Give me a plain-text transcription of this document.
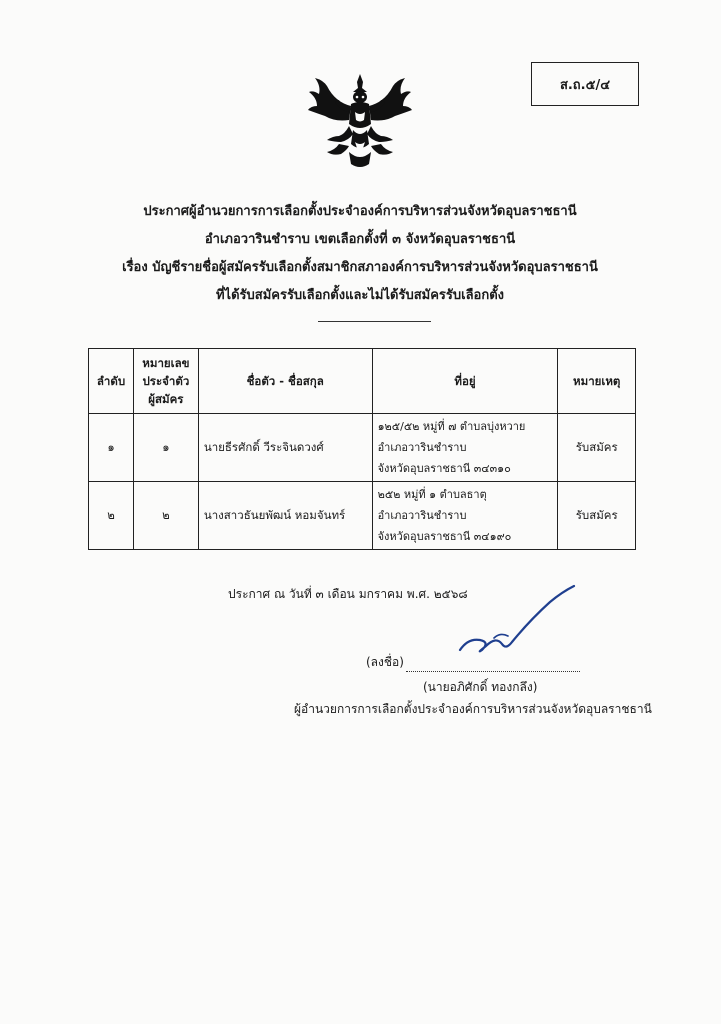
ส.ถ.๕/๔
ประกาศผู้อำนวยการการเลือกตั้งประจำองค์การบริหารส่วนจังหวัดอุบลราชธานี
อำเภอวารินชำราบ เขตเลือกตั้งที่ ๓ จังหวัดอุบลราชธานี
เรื่อง บัญชีรายชื่อผู้สมัครรับเลือกตั้งสมาชิกสภาองค์การบริหารส่วนจังหวัดอุบลราชธานี
ที่ได้รับสมัครรับเลือกตั้งและไม่ได้รับสมัครรับเลือกตั้ง
ลำดับ	หมายเลข
ประจำตัว
ผู้สมัคร	ชื่อตัว - ชื่อสกุล	ที่อยู่	หมายเหตุ
๑	๑	นายธีรศักดิ์ วีระจินดวงศ์	๑๒๕/๕๒ หมู่ที่ ๗ ตำบลบุ่งหวาย
อำเภอวารินชำราบ
จังหวัดอุบลราชธานี ๓๔๓๑๐	รับสมัคร
๒	๒	นางสาวธันยพัฒน์ หอมจันทร์	๒๕๒ หมู่ที่ ๑ ตำบลธาตุ
อำเภอวารินชำราบ
จังหวัดอุบลราชธานี ๓๔๑๙๐	รับสมัคร
ประกาศ ณ วันที่ ๓ เดือน มกราคม พ.ศ. ๒๕๖๘
(ลงชื่อ)
(นายอภิศักดิ์ ทองกลึง)
ผู้อำนวยการการเลือกตั้งประจำองค์การบริหารส่วนจังหวัดอุบลราชธานี
